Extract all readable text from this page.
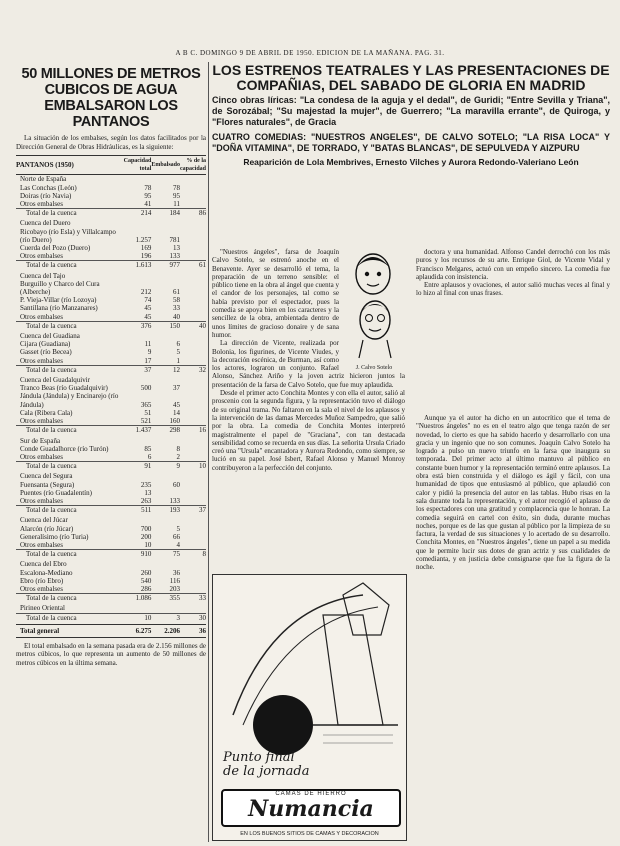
A B C. DOMINGO 9 DE ABRIL DE 1950. EDICION DE LA MAÑANA. PAG. 31.
50 MILLONES DE METROS CUBICOS DE AGUA EMBALSARON LOS PANTANOS

La situación de los embalses, según los datos facilitados por la Dirección General de Obras Hidráulicas, es la siguiente:

PANTANOS (1950)	Capacidad total	Embalsado	% de la capacidad
Norte de España			
Las Conchas (León)	78	78	
Doiras (río Navia)	95	95	
Otros embalses	41	11	
Total de la cuenca	214	184	86
Cuenca del Duero			
Ricobayo (río Esla) y Villalcampo (río Duero)	1.257	781	
Cuerda del Pozo (Duero)	169	13	
Otros embalses	196	133	
Total de la cuenca	1.613	977	61
Cuenca del Tajo			
Burguillo y Charco del Cura (Alberche)	212	61	
P. Vieja-Villar (río Lozoya)	74	58	
Santillana (río Manzanares)	45	33	
Otros embalses	45	40	
Total de la cuenca	376	150	40
Cuenca del Guadiana			
Cijara (Guadiana)	11	6	
Gasset (río Becea)	9	5	
Otros embalses	17	1	
Total de la cuenca	37	12	32
Cuenca del Guadalquivir			
Tranco Beas (río Guadalquivir)	500	37	
Jándula (Jándula) y Encinarejo (río Jándula)	365	45	
Cala (Ribera Cala)	51	14	
Otros embalses	521	160	
Total de la cuenca	1.437	298	16
Sur de España			
Conde Guadalhorce (río Turón)	85	8	
Otros embalses	6	2	
Total de la cuenca	91	9	10
Cuenca del Segura			
Fuensanta (Segura)	235	60	
Puentes (río Guadalentín)	13		
Otros embalses	263	133	
Total de la cuenca	511	193	37
Cuenca del Júcar			
Alarcón (río Júcar)	700	5	
Generalísimo (río Turia)	200	66	
Otros embalses	10	4	
Total de la cuenca	910	75	8
Cuenca del Ebro			
Escalona-Mediano	260	36	
Ebro (río Ebro)	540	116	
Otros embalses	286	203	
Total de la cuenca	1.086	355	33
Pirineo Oriental			
Total de la cuenca	10	3	30
Total general	6.275	2.206	36

El total embalsado en la semana pasada era de 2.156 millones de metros cúbicos, lo que representa un aumento de 50 millones de metros cúbicos en la última semana.

LOS ESTRENOS TEATRALES Y LAS PRESENTACIONES DE COMPAÑIAS, DEL SABADO DE GLORIA EN MADRID
Cinco obras líricas: "La condesa de la aguja y el dedal", de Guridi; "Entre Sevilla y Triana", de Sorozábal; "Su majestad la mujer", de Guerrero; "La maravilla errante", de Quiroga, y "Flores naturales", de Gracia
CUATRO COMEDIAS: "NUESTROS ANGELES", DE CALVO SOTELO; "LA RISA LOCA" Y "DOÑA VITAMINA", DE TORRADO, Y "BATAS BLANCAS", DE SEPULVEDA Y AIZPURU
Reaparición de Lola Membrives, Ernesto Vilches y Aurora Redondo-Valeriano León
J. Calvo Sotelo

"Nuestros ángeles", farsa de Joaquín Calvo Sotelo, se estrenó anoche en el Benavente. Ayer se desarrolló el tema, la preparación de un terreno sensible: el público tiene en la obra al ángel que cuenta y el candor de los personajes, tal como se había previsto por el espectador, pues la comedia se apoya bien en los caracteres y la sencillez de la obra, ambientada dentro de unos límites de gracioso donaire y de sana humor.

La dirección de Vicente, realizada por Bolonia, los figurines, de Vicente Viudes, y la decoración escénica, de Burman, así como los actores, lograron un conjunto. Rafael Alonso, Sánchez Ariño y la joven actriz hicieron juntos la presentación de la farsa de Calvo Sotelo, que fue muy aplaudida.

Desde el primer acto Conchita Montes y con ella el autor, salió al proscenio con la segunda figura, y la representación tuvo el diálogo de su original trama. No faltaron en la sala el nivel de los aplausos y la intervención de las damas Mercedes Muñoz Sampedro, que salió por la obra. La comedia de Conchita Montes interpretó magistralmente el papel de "Graciana", con tan destacada sensibilidad como se recuerda en sus días. La señorita Ursula Criado creó una "Ursula" encantadora y Aurora Redondo, como siempre, se lució en su papel. José Isbert, Rafael Alonso y Manuel Monroy contribuyeron a la perfección del conjunto.

doctora y una humanidad. Alfonso Candel derrochó con los más puros y los recursos de su arte. Enrique Giol, de Vicente Vidal y Francisco Melgares, actuó con un empeño sincero. La comedia fue aplaudida con insistencia.

Entre aplausos y ovaciones, el autor salió muchas veces al final y lo hizo al final con unas frases.

Aunque ya el autor ha dicho en un autocrítico que el tema de "Nuestros ángeles" no es en el teatro algo que tenga razón de ser novedad, lo cierto es que ha sabido hacerlo y desarrollarlo con una gracia y un ingenio que no son comunes. Joaquín Calvo Sotelo ha logrado a pulso un nuevo triunfo en la farsa que inaugura su temporada. Del primer acto al último mantuvo al público en constante buen humor y la representación terminó entre aplausos. La obra está bien construida y el diálogo es ágil y fácil, con una humanidad de tipos que entusiasmó al público, que aplaudió con calor y pidió la presencia del autor en las tablas. Hubo risas en la sala durante toda la representación, y el autor recogió el aplauso de los espectadores con una gratitud y complacencia que le honran. La comedia seguirá en cartel con éxito, sin duda, durante muchas noches, porque es de las que gustan al público por la limpieza de su factura, la verdad de sus situaciones y lo acertado de su desarrollo. Conchita Montes, en "Nuestros ángeles", tiene un papel a su medida que le permite lucir sus dotes de gran actriz y sus cualidades de comedianta, y en justicia debe consignarse que fue la figura de la noche.

Punto final de la jornada
CAMAS DE HIERRO
Numancia
EN LOS BUENOS SITIOS DE CAMAS Y DECORACION
